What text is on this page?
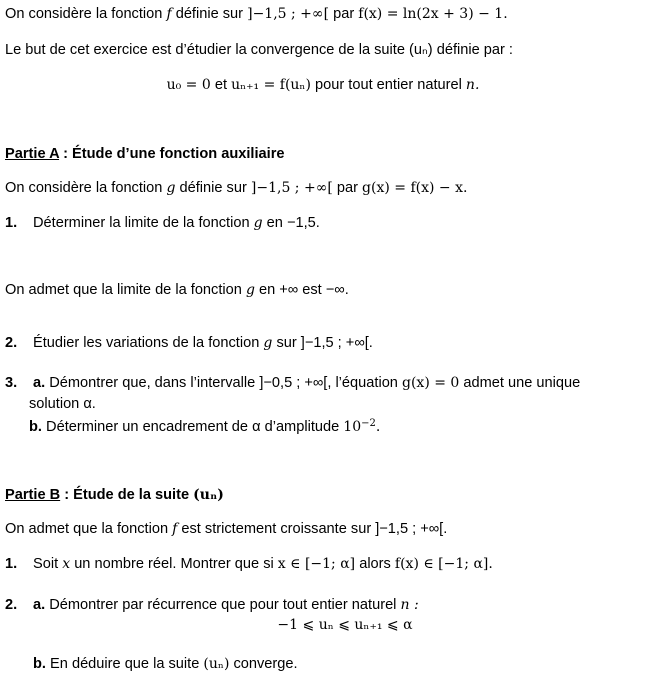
On considère la fonction f définie sur ]−1,5 ; +∞[ par f(x) = ln(2x + 3) − 1.
Le but de cet exercice est d’étudier la convergence de la suite (uₙ) définie par :
u₀ = 0 et uₙ₊₁ = f(uₙ) pour tout entier naturel n.
Partie A : Étude d’une fonction auxiliaire
On considère la fonction g définie sur ]−1,5 ; +∞[ par g(x) = f(x) − x.
1. Déterminer la limite de la fonction g en −1,5.
On admet que la limite de la fonction g en +∞ est −∞.
2. Étudier les variations de la fonction g sur ]−1,5 ; +∞[.
3. a. Démontrer que, dans l’intervalle ]−0,5 ; +∞[, l’équation g(x) = 0 admet une unique
solution α.
b. Déterminer un encadrement de α d’amplitude $10^{-2}$.
Partie B : Étude de la suite (uₙ)
On admet que la fonction f est strictement croissante sur ]−1,5 ; +∞[.
1. Soit x un nombre réel. Montrer que si x ∈ [−1; α] alors f(x) ∈ [−1; α].
2. a. Démontrer par récurrence que pour tout entier naturel n :
−1 ⩽ uₙ ⩽ uₙ₊₁ ⩽ α
b. En déduire que la suite (uₙ) converge.
